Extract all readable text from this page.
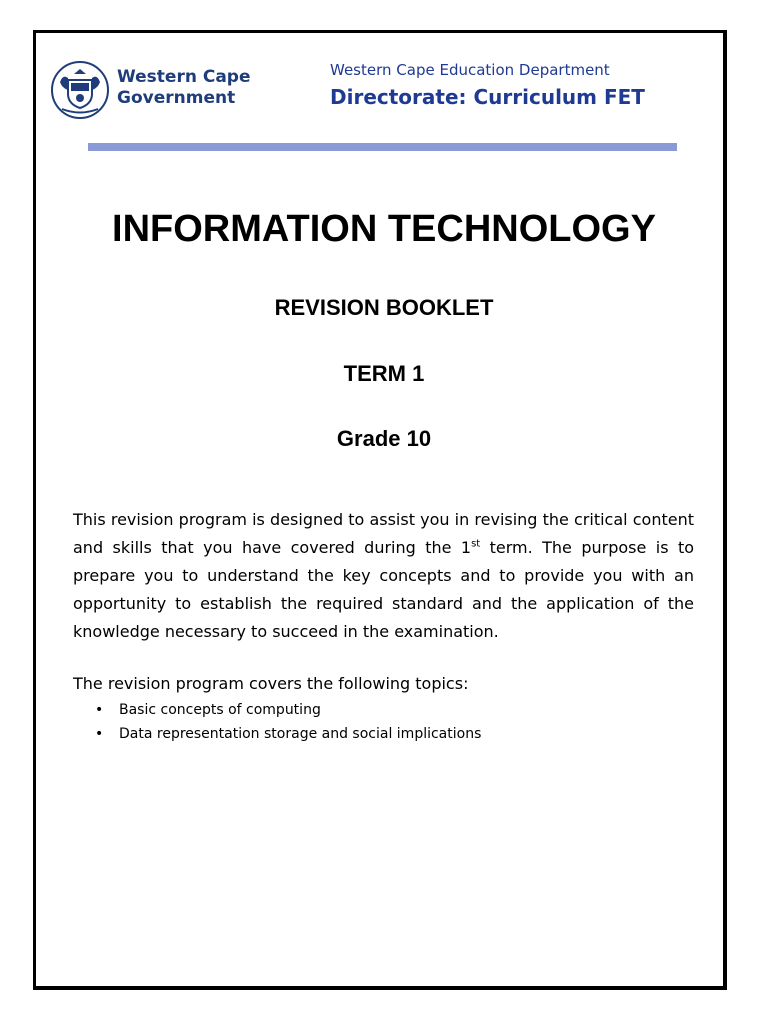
Western Cape
Government
Western Cape Education Department
Directorate: Curriculum FET
INFORMATION TECHNOLOGY
REVISION BOOKLET
TERM 1
Grade 10
This revision program is designed to assist you in revising the critical content and skills that you have covered during the 1st term. The purpose is to prepare you to understand the key concepts and to provide you with an opportunity to establish the required standard and the application of the knowledge necessary to succeed in the examination.
The revision program covers the following topics:
• Basic concepts of computing
• Data representation storage and social implications
